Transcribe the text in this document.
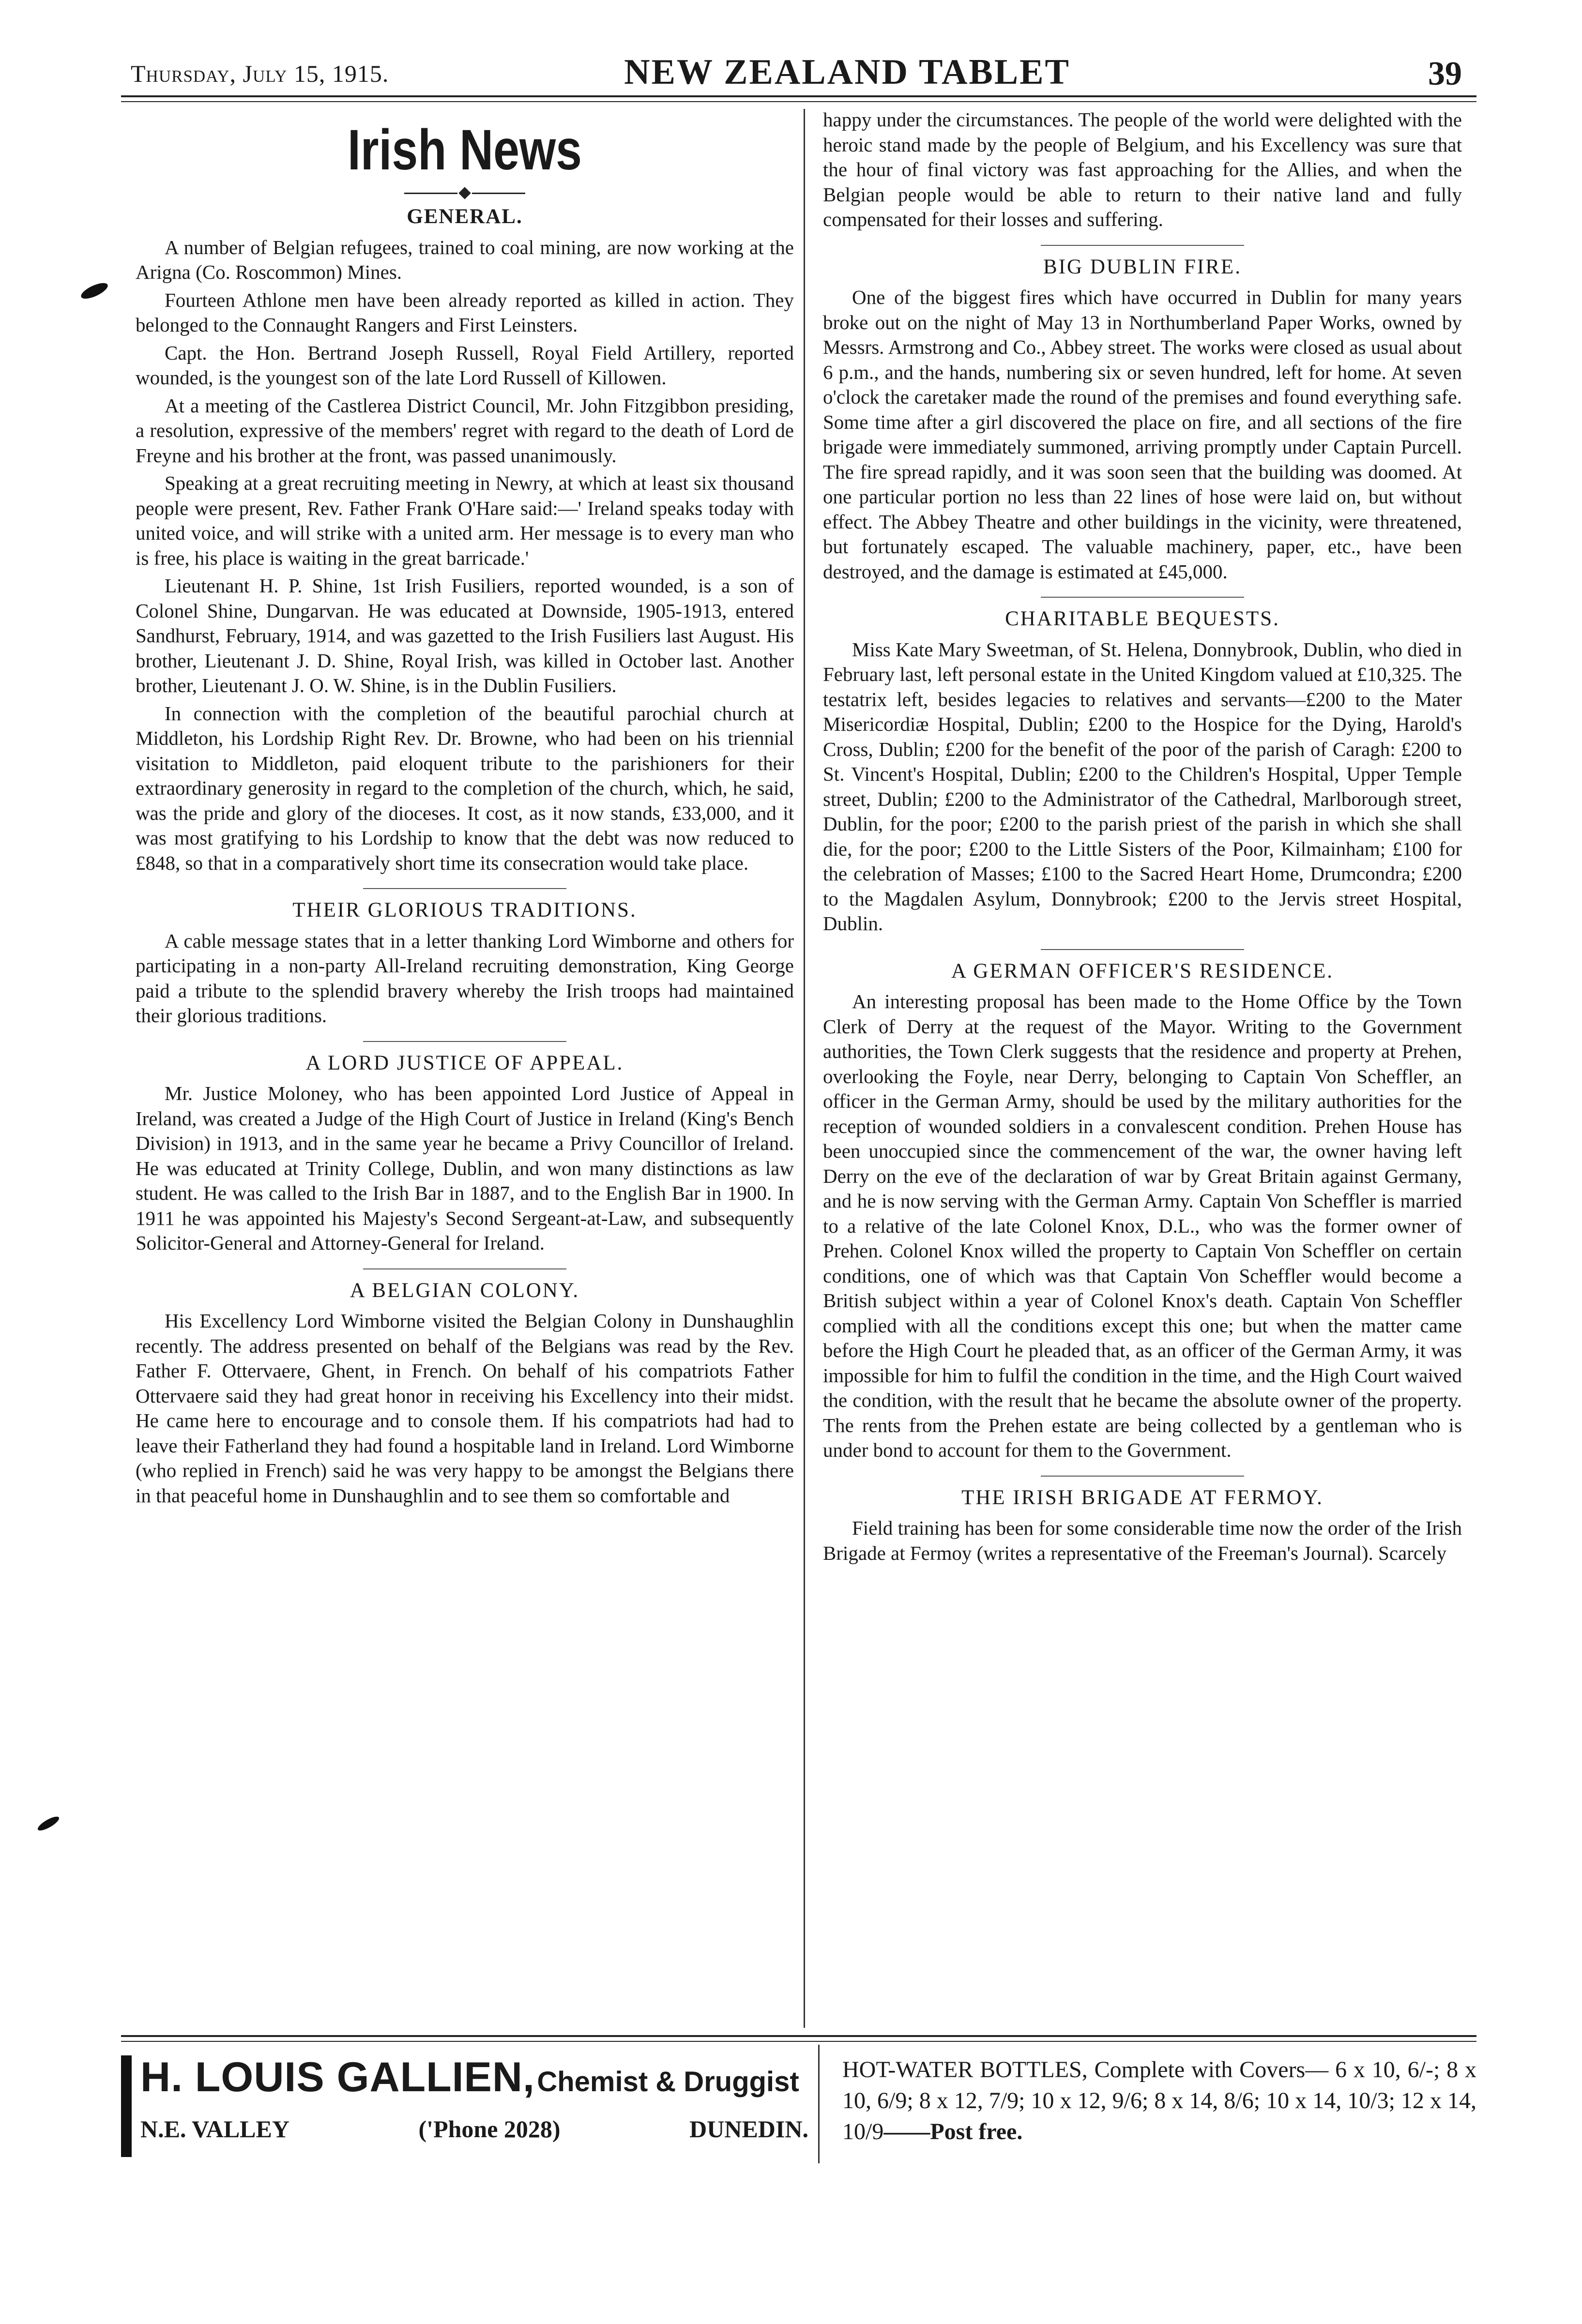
Thursday, July 15, 1915.	NEW ZEALAND TABLET	39
Irish News
GENERAL.

A number of Belgian refugees, trained to coal mining, are now working at the Arigna (Co. Roscommon) Mines.

Fourteen Athlone men have been already reported as killed in action. They belonged to the Connaught Rangers and First Leinsters.

Capt. the Hon. Bertrand Joseph Russell, Royal Field Artillery, reported wounded, is the youngest son of the late Lord Russell of Killowen.

At a meeting of the Castlerea District Council, Mr. John Fitzgibbon presiding, a resolution, expressive of the members' regret with regard to the death of Lord de Freyne and his brother at the front, was passed unanimously.

Speaking at a great recruiting meeting in Newry, at which at least six thousand people were present, Rev. Father Frank O'Hare said:—' Ireland speaks today with united voice, and will strike with a united arm. Her message is to every man who is free, his place is waiting in the great barricade.'

Lieutenant H. P. Shine, 1st Irish Fusiliers, reported wounded, is a son of Colonel Shine, Dungarvan. He was educated at Downside, 1905-1913, entered Sandhurst, February, 1914, and was gazetted to the Irish Fusiliers last August. His brother, Lieutenant J. D. Shine, Royal Irish, was killed in October last. Another brother, Lieutenant J. O. W. Shine, is in the Dublin Fusiliers.

In connection with the completion of the beautiful parochial church at Middleton, his Lordship Right Rev. Dr. Browne, who had been on his triennial visitation to Middleton, paid eloquent tribute to the parishioners for their extraordinary generosity in regard to the completion of the church, which, he said, was the pride and glory of the dioceses. It cost, as it now stands, £33,000, and it was most gratifying to his Lordship to know that the debt was now reduced to £848, so that in a comparatively short time its consecration would take place.

THEIR GLORIOUS TRADITIONS.

A cable message states that in a letter thanking Lord Wimborne and others for participating in a non-party All-Ireland recruiting demonstration, King George paid a tribute to the splendid bravery whereby the Irish troops had maintained their glorious traditions.

A LORD JUSTICE OF APPEAL.

Mr. Justice Moloney, who has been appointed Lord Justice of Appeal in Ireland, was created a Judge of the High Court of Justice in Ireland (King's Bench Division) in 1913, and in the same year he became a Privy Councillor of Ireland. He was educated at Trinity College, Dublin, and won many distinctions as law student. He was called to the Irish Bar in 1887, and to the English Bar in 1900. In 1911 he was appointed his Majesty's Second Sergeant-at-Law, and subsequently Solicitor-General and Attorney-General for Ireland.

A BELGIAN COLONY.

His Excellency Lord Wimborne visited the Belgian Colony in Dunshaughlin recently. The address presented on behalf of the Belgians was read by the Rev. Father F. Ottervaere, Ghent, in French. On behalf of his compatriots Father Ottervaere said they had great honor in receiving his Excellency into their midst. He came here to encourage and to console them. If his compatriots had had to leave their Fatherland they had found a hospitable land in Ireland. Lord Wimborne (who replied in French) said he was very happy to be amongst the Belgians there in that peaceful home in Dunshaughlin and to see them so comfortable and

happy under the circumstances. The people of the world were delighted with the heroic stand made by the people of Belgium, and his Excellency was sure that the hour of final victory was fast approaching for the Allies, and when the Belgian people would be able to return to their native land and fully compensated for their losses and suffering.

BIG DUBLIN FIRE.

One of the biggest fires which have occurred in Dublin for many years broke out on the night of May 13 in Northumberland Paper Works, owned by Messrs. Armstrong and Co., Abbey street. The works were closed as usual about 6 p.m., and the hands, numbering six or seven hundred, left for home. At seven o'clock the caretaker made the round of the premises and found everything safe. Some time after a girl discovered the place on fire, and all sections of the fire brigade were immediately summoned, arriving promptly under Captain Purcell. The fire spread rapidly, and it was soon seen that the building was doomed. At one particular portion no less than 22 lines of hose were laid on, but without effect. The Abbey Theatre and other buildings in the vicinity, were threatened, but fortunately escaped. The valuable machinery, paper, etc., have been destroyed, and the damage is estimated at £45,000.

CHARITABLE BEQUESTS.

Miss Kate Mary Sweetman, of St. Helena, Donnybrook, Dublin, who died in February last, left personal estate in the United Kingdom valued at £10,325. The testatrix left, besides legacies to relatives and servants—£200 to the Mater Misericordiæ Hospital, Dublin; £200 to the Hospice for the Dying, Harold's Cross, Dublin; £200 for the benefit of the poor of the parish of Caragh: £200 to St. Vincent's Hospital, Dublin; £200 to the Children's Hospital, Upper Temple street, Dublin; £200 to the Administrator of the Cathedral, Marlborough street, Dublin, for the poor; £200 to the parish priest of the parish in which she shall die, for the poor; £200 to the Little Sisters of the Poor, Kilmainham; £100 for the celebration of Masses; £100 to the Sacred Heart Home, Drumcondra; £200 to the Magdalen Asylum, Donnybrook; £200 to the Jervis street Hospital, Dublin.

A GERMAN OFFICER'S RESIDENCE.

An interesting proposal has been made to the Home Office by the Town Clerk of Derry at the request of the Mayor. Writing to the Government authorities, the Town Clerk suggests that the residence and property at Prehen, overlooking the Foyle, near Derry, belonging to Captain Von Scheffler, an officer in the German Army, should be used by the military authorities for the reception of wounded soldiers in a convalescent condition. Prehen House has been unoccupied since the commencement of the war, the owner having left Derry on the eve of the declaration of war by Great Britain against Germany, and he is now serving with the German Army. Captain Von Scheffler is married to a relative of the late Colonel Knox, D.L., who was the former owner of Prehen. Colonel Knox willed the property to Captain Von Scheffler on certain conditions, one of which was that Captain Von Scheffler would become a British subject within a year of Colonel Knox's death. Captain Von Scheffler complied with all the conditions except this one; but when the matter came before the High Court he pleaded that, as an officer of the German Army, it was impossible for him to fulfil the condition in the time, and the High Court waived the condition, with the result that he became the absolute owner of the property. The rents from the Prehen estate are being collected by a gentleman who is under bond to account for them to the Government.

THE IRISH BRIGADE AT FERMOY.

Field training has been for some considerable time now the order of the Irish Brigade at Fermoy (writes a representative of the Freeman's Journal). Scarcely

H. LOUIS GALLIEN, Chemist & Druggist
N.E. VALLEY	('Phone 2028)	DUNEDIN.
HOT-WATER BOTTLES, Complete with Covers— 6 x 10, 6/-; 8 x 10, 6/9; 8 x 12, 7/9; 10 x 12, 9/6; 8 x 14, 8/6; 10 x 14, 10/3; 12 x 14, 10/9——Post free.
